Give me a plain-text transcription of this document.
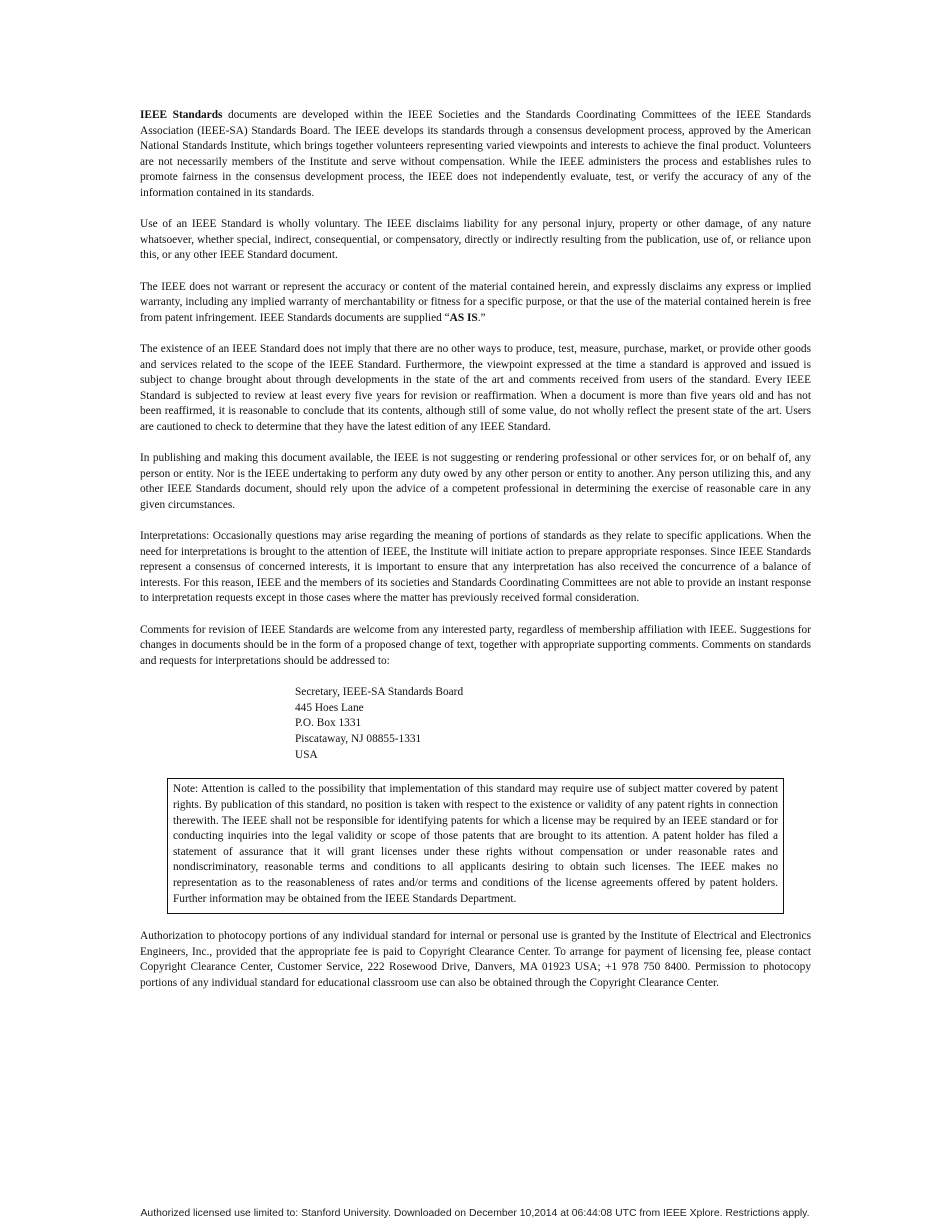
IEEE Standards documents are developed within the IEEE Societies and the Standards Coordinating Committees of the IEEE Standards Association (IEEE-SA) Standards Board. The IEEE develops its standards through a consensus development process, approved by the American National Standards Institute, which brings together volunteers representing varied viewpoints and interests to achieve the final product. Volunteers are not necessarily members of the Institute and serve without compensation. While the IEEE administers the process and establishes rules to promote fairness in the consensus development process, the IEEE does not independently evaluate, test, or verify the accuracy of any of the information contained in its standards.

Use of an IEEE Standard is wholly voluntary. The IEEE disclaims liability for any personal injury, property or other damage, of any nature whatsoever, whether special, indirect, consequential, or compensatory, directly or indirectly resulting from the publication, use of, or reliance upon this, or any other IEEE Standard document.

The IEEE does not warrant or represent the accuracy or content of the material contained herein, and expressly disclaims any express or implied warranty, including any implied warranty of merchantability or fitness for a specific purpose, or that the use of the material contained herein is free from patent infringement. IEEE Standards documents are supplied “AS IS.”

The existence of an IEEE Standard does not imply that there are no other ways to produce, test, measure, purchase, market, or provide other goods and services related to the scope of the IEEE Standard. Furthermore, the viewpoint expressed at the time a standard is approved and issued is subject to change brought about through developments in the state of the art and comments received from users of the standard. Every IEEE Standard is subjected to review at least every five years for revision or reaffirmation. When a document is more than five years old and has not been reaffirmed, it is reasonable to conclude that its contents, although still of some value, do not wholly reflect the present state of the art. Users are cautioned to check to determine that they have the latest edition of any IEEE Standard.

In publishing and making this document available, the IEEE is not suggesting or rendering professional or other services for, or on behalf of, any person or entity. Nor is the IEEE undertaking to perform any duty owed by any other person or entity to another. Any person utilizing this, and any other IEEE Standards document, should rely upon the advice of a competent professional in determining the exercise of reasonable care in any given circumstances.

Interpretations: Occasionally questions may arise regarding the meaning of portions of standards as they relate to specific applications. When the need for interpretations is brought to the attention of IEEE, the Institute will initiate action to prepare appropriate responses. Since IEEE Standards represent a consensus of concerned interests, it is important to ensure that any interpretation has also received the concurrence of a balance of interests. For this reason, IEEE and the members of its societies and Standards Coordinating Committees are not able to provide an instant response to interpretation requests except in those cases where the matter has previously received formal consideration.

Comments for revision of IEEE Standards are welcome from any interested party, regardless of membership affiliation with IEEE. Suggestions for changes in documents should be in the form of a proposed change of text, together with appropriate supporting comments. Comments on standards and requests for interpretations should be addressed to:

Secretary, IEEE-SA Standards Board
445 Hoes Lane
P.O. Box 1331
Piscataway, NJ 08855-1331
USA
Note: Attention is called to the possibility that implementation of this standard may require use of subject matter covered by patent rights. By publication of this standard, no position is taken with respect to the existence or validity of any patent rights in connection therewith. The IEEE shall not be responsible for identifying patents for which a license may be required by an IEEE standard or for conducting inquiries into the legal validity or scope of those patents that are brought to its attention. A patent holder has filed a statement of assurance that it will grant licenses under these rights without compensation or under reasonable rates and nondiscriminatory, reasonable terms and conditions to all applicants desiring to obtain such licenses. The IEEE makes no representation as to the reasonableness of rates and/or terms and conditions of the license agreements offered by patent holders. Further information may be obtained from the IEEE Standards Department.

Authorization to photocopy portions of any individual standard for internal or personal use is granted by the Institute of Electrical and Electronics Engineers, Inc., provided that the appropriate fee is paid to Copyright Clearance Center. To arrange for payment of licensing fee, please contact Copyright Clearance Center, Customer Service, 222 Rosewood Drive, Danvers, MA 01923 USA; +1 978 750 8400. Permission to photocopy portions of any individual standard for educational classroom use can also be obtained through the Copyright Clearance Center.

Authorized licensed use limited to: Stanford University. Downloaded on December 10,2014 at 06:44:08 UTC from IEEE Xplore. Restrictions apply.
